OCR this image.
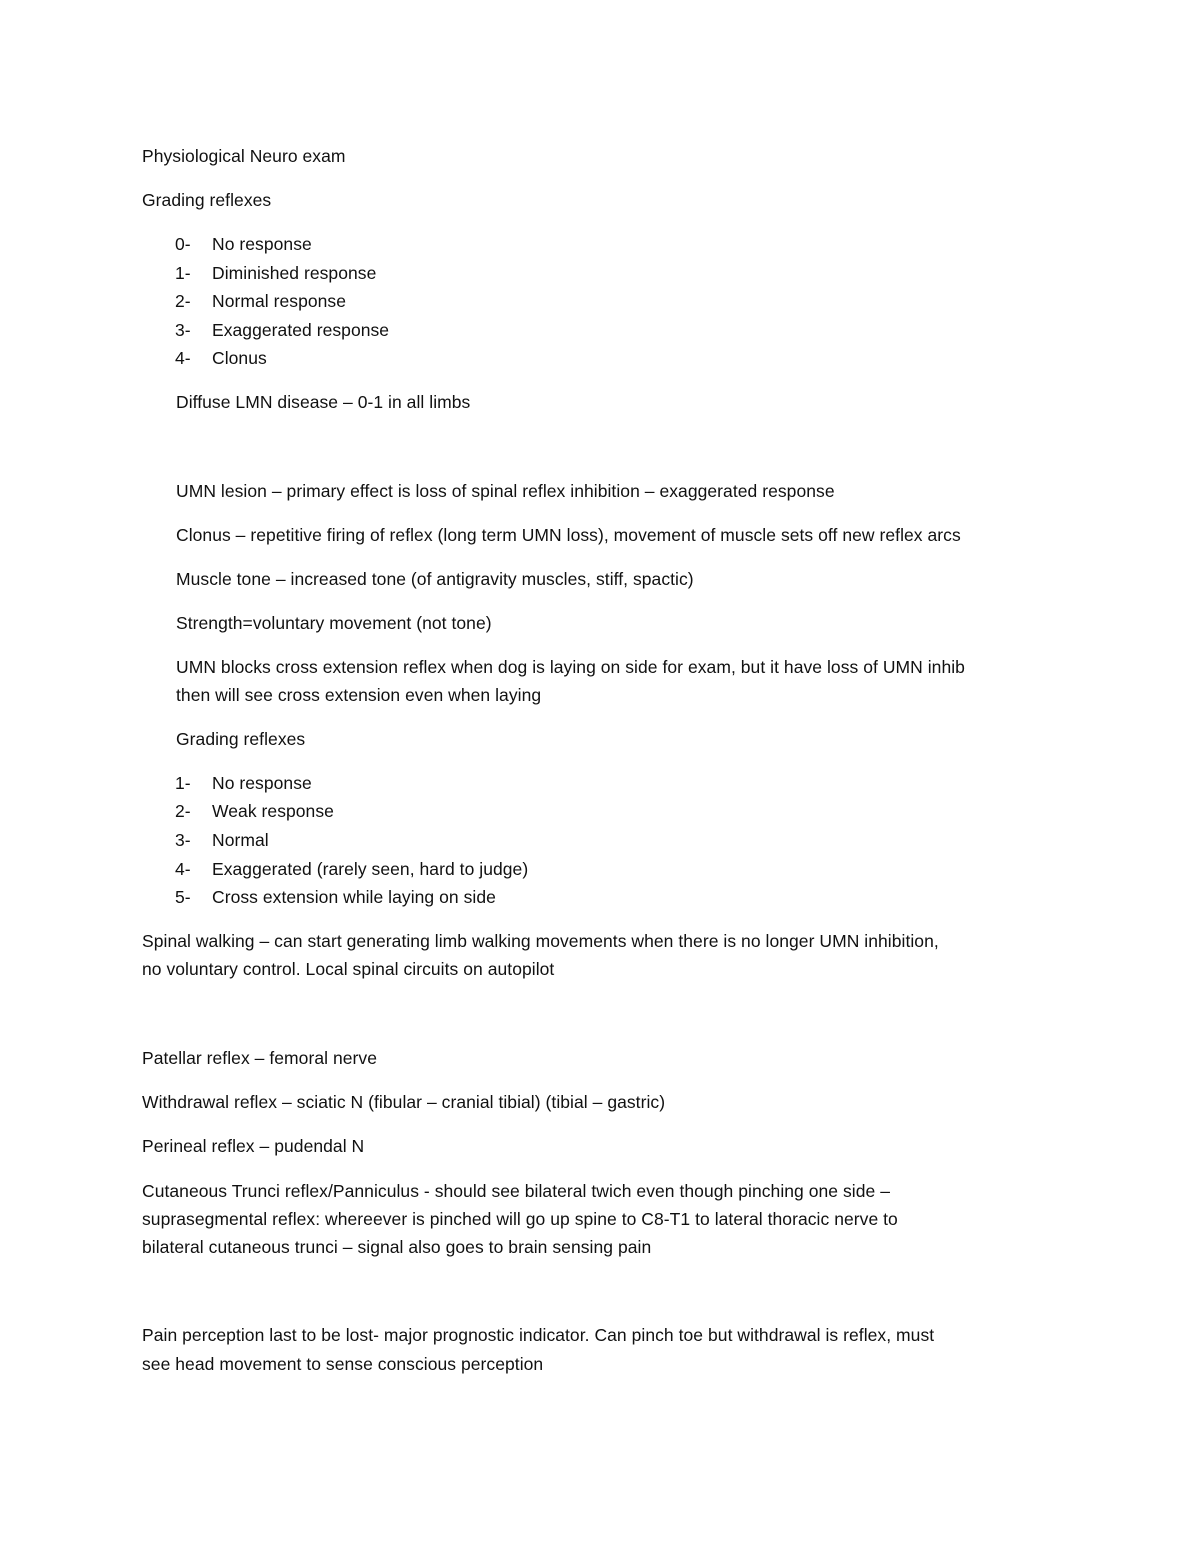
Physiological Neuro exam
Grading reflexes
0- No response
1- Diminished response
2- Normal response
3- Exaggerated response
4- Clonus
Diffuse LMN disease – 0-1 in all limbs
UMN lesion – primary effect is loss of spinal reflex inhibition – exaggerated response
Clonus – repetitive firing of reflex (long term UMN loss), movement of muscle sets off new reflex arcs
Muscle tone – increased tone (of antigravity muscles, stiff, spactic)
Strength=voluntary movement (not tone)
UMN blocks cross extension reflex when dog is laying on side for exam, but it have loss of UMN inhib
then will see cross extension even when laying
Grading reflexes
1- No response
2- Weak response
3- Normal
4- Exaggerated (rarely seen, hard to judge)
5- Cross extension while laying on side
Spinal walking – can start generating limb walking movements when there is no longer UMN inhibition,
no voluntary control. Local spinal circuits on autopilot
Patellar reflex – femoral nerve
Withdrawal reflex – sciatic N (fibular – cranial tibial) (tibial – gastric)
Perineal reflex – pudendal N
Cutaneous Trunci reflex/Panniculus - should see bilateral twich even though pinching one side –
suprasegmental reflex: whereever is pinched will go up spine to C8-T1 to lateral thoracic nerve to
bilateral cutaneous trunci – signal also goes to brain sensing pain
Pain perception last to be lost- major prognostic indicator. Can pinch toe but withdrawal is reflex, must
see head movement to sense conscious perception
